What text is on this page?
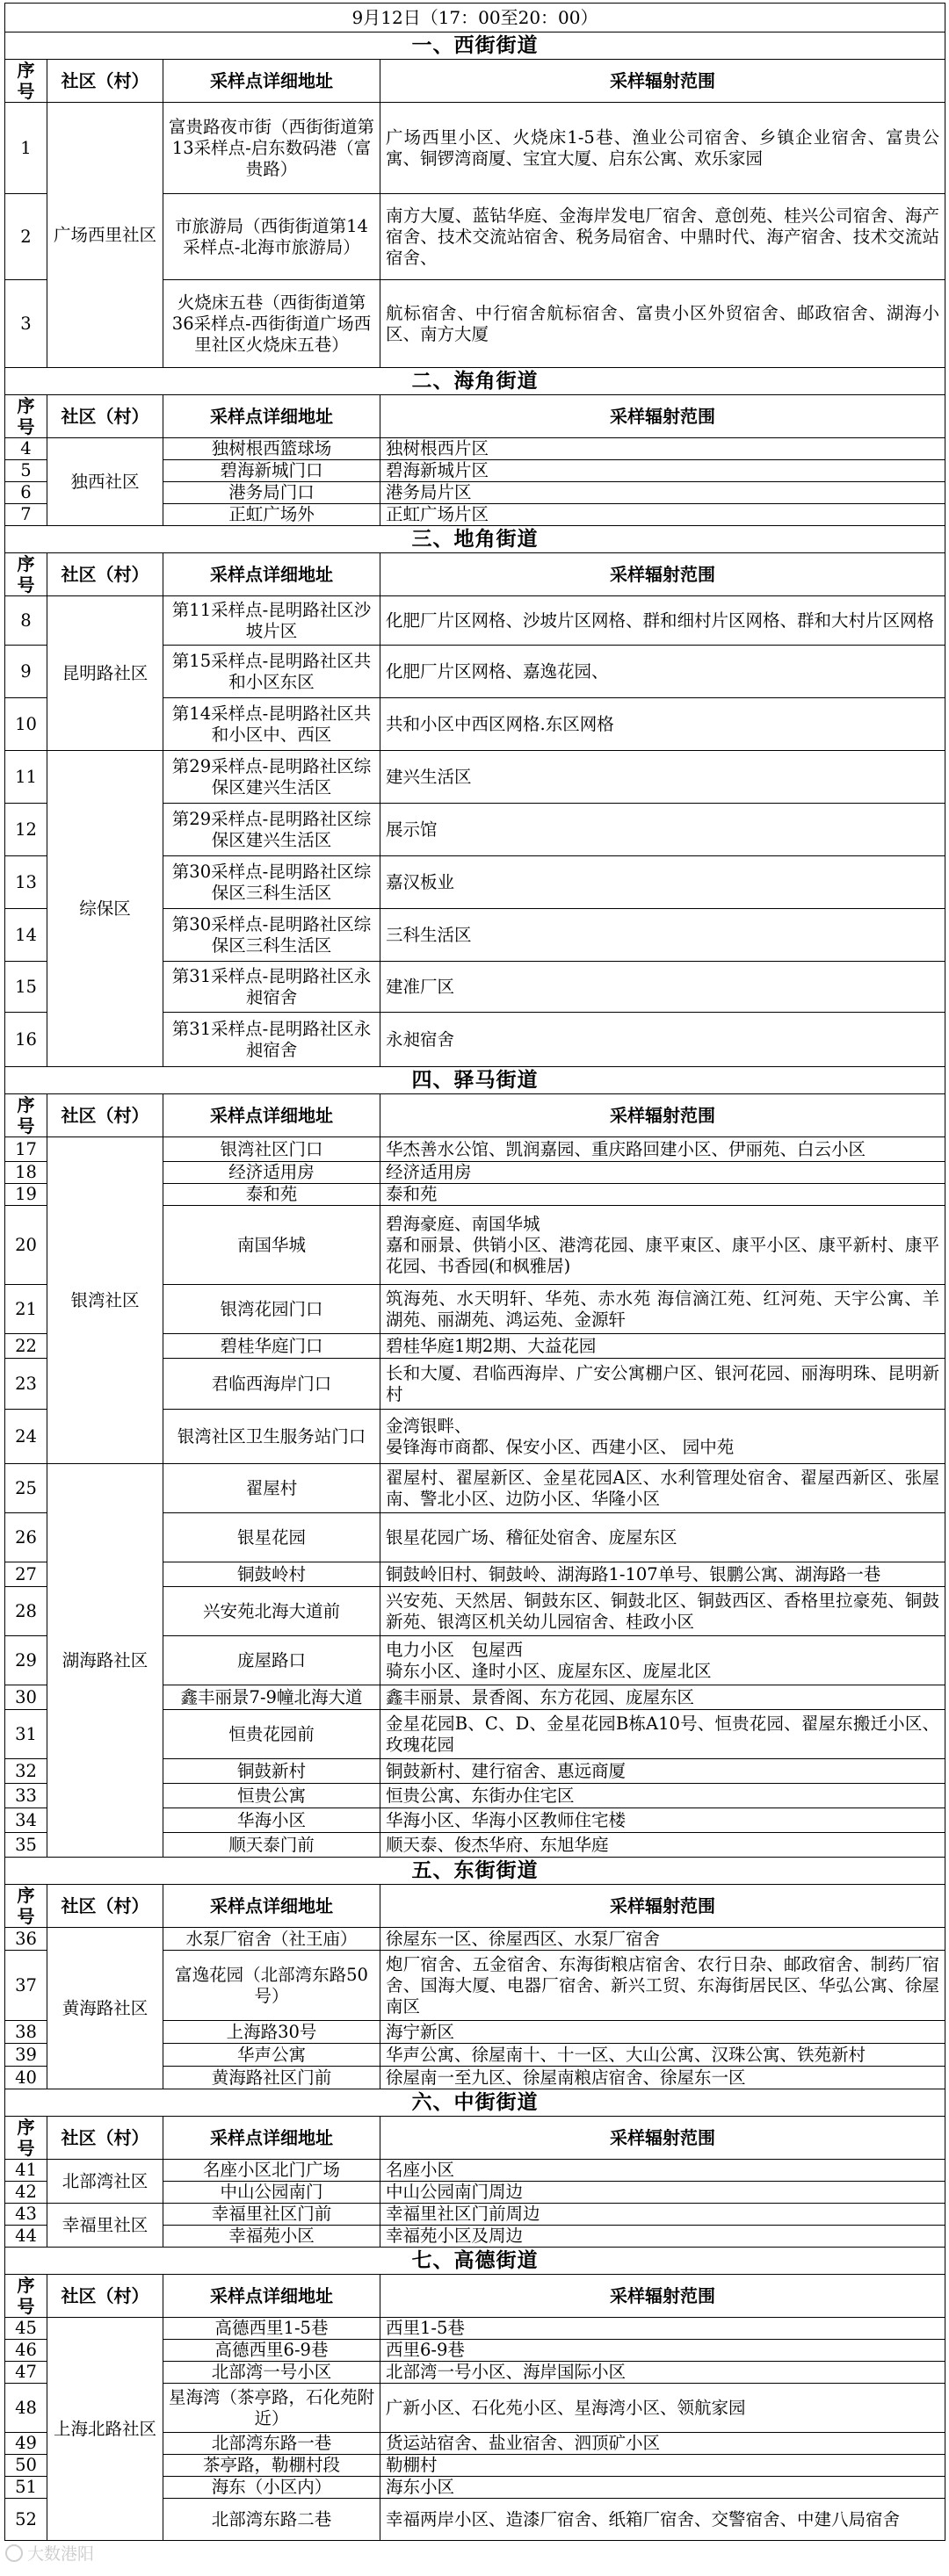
9月12日（17：00至20：00）			
一、西街街道			
序号	社区（村）	采样点详细地址	采样辐射范围
1	广场西里社区	富贵路夜市街（西街街道第13采样点-启东数码港（富贵路）	广场西里小区、火烧床1-5巷、渔业公司宿舍、乡镇企业宿舍、富贵公寓、铜锣湾商厦、宝宜大厦、启东公寓、欢乐家园
2		市旅游局（西街街道第14采样点-北海市旅游局）	南方大厦、蓝钻华庭、金海岸发电厂宿舍、意创苑、桂兴公司宿舍、海产宿舍、技术交流站宿舍、税务局宿舍、中鼎时代、海产宿舍、技术交流站宿舍、
3		火烧床五巷（西街街道第36采样点-西街街道广场西里社区火烧床五巷）	航标宿舍、中行宿舍航标宿舍、富贵小区外贸宿舍、邮政宿舍、湖海小区、南方大厦
二、海角街道			
序号	社区（村）	采样点详细地址	采样辐射范围
4	独西社区	独树根西篮球场	独树根西片区
5		碧海新城门口	碧海新城片区
6		港务局门口	港务局片区
7		正虹广场外	正虹广场片区
三、地角街道			
序号	社区（村）	采样点详细地址	采样辐射范围
8	昆明路社区	第11采样点-昆明路社区沙坡片区	化肥厂片区网格、沙坡片区网格、群和细村片区网格、群和大村片区网格
9		第15采样点-昆明路社区共和小区东区	化肥厂片区网格、嘉逸花园、
10		第14采样点-昆明路社区共和小区中、西区	共和小区中西区网格.东区网格
11	综保区	第29采样点-昆明路社区综保区建兴生活区	建兴生活区
12		第29采样点-昆明路社区综保区建兴生活区	展示馆
13		第30采样点-昆明路社区综保区三科生活区	嘉汉板业
14		第30采样点-昆明路社区综保区三科生活区	三科生活区
15		第31采样点-昆明路社区永昶宿舍	建准厂区
16		第31采样点-昆明路社区永昶宿舍	永昶宿舍
四、驿马街道			
序号	社区（村）	采样点详细地址	采样辐射范围
17	银湾社区	银湾社区门口	华杰善水公馆、凯润嘉园、重庆路回建小区、伊丽苑、白云小区
18		经济适用房	经济适用房
19		泰和苑	泰和苑
20		南国华城	碧海豪庭、南国华城
嘉和丽景、供销小区、港湾花园、康平東区、康平小区、康平新村、康平花园、书香园(和枫雅居)
21		银湾花园门口	筑海苑、水天明轩、华苑、赤水苑 海信滴江苑、红河苑、天宇公寓、羊湖苑、丽湖苑、鸿运苑、金源轩
22		碧桂华庭门口	碧桂华庭1期2期、大益花园
23		君临西海岸门口	长和大厦、君临西海岸、广安公寓棚户区、银河花园、丽海明珠、昆明新村
24		银湾社区卫生服务站门口	金湾银畔、
晏锋海市商都、保安小区、西建小区、 园中苑
25	湖海路社区	翟屋村	翟屋村、翟屋新区、金星花园A区、水利管理处宿舍、翟屋西新区、张屋南、警北小区、边防小区、华隆小区
26		银星花园	银星花园广场、稽征处宿舍、庞屋东区
27		铜鼓岭村	铜鼓岭旧村、铜鼓岭、湖海路1-107单号、银鹏公寓、湖海路一巷
28		兴安苑北海大道前	兴安苑、天然居、铜鼓东区、铜鼓北区、铜鼓西区、香格里拉豪苑、铜鼓新苑、银湾区机关幼儿园宿舍、桂政小区
29		庞屋路口	电力小区　包屋西
骑东小区、逢时小区、庞屋东区、庞屋北区
30		鑫丰丽景7-9幢北海大道	鑫丰丽景、景香阁、东方花园、庞屋东区
31		恒贵花园前	金星花园B、C、D、金星花园B栋A10号、恒贵花园、翟屋东搬迁小区、玫瑰花园
32		铜鼓新村	铜鼓新村、建行宿舍、惠远商厦
33		恒贵公寓	恒贵公寓、东街办住宅区
34		华海小区	华海小区、华海小区教师住宅楼
35		顺天泰门前	顺天泰、俊杰华府、东旭华庭
五、东街街道			
序号	社区（村）	采样点详细地址	采样辐射范围
36	黄海路社区	水泵厂宿舍（社王庙）	徐屋东一区、徐屋西区、水泵厂宿舍
37		富逸花园（北部湾东路50号）	炮厂宿舍、五金宿舍、东海街粮店宿舍、农行日杂、邮政宿舍、制药厂宿舍、国海大厦、电器厂宿舍、新兴工贸、东海街居民区、华弘公寓、徐屋南区
38		上海路30号	海宁新区
39		华声公寓	华声公寓、徐屋南十、十一区、大山公寓、汉珠公寓、铁苑新村
40		黄海路社区门前	徐屋南一至九区、徐屋南粮店宿舍、徐屋东一区
六、中街街道			
序号	社区（村）	采样点详细地址	采样辐射范围
41	北部湾社区	名座小区北门广场	名座小区
42		中山公园南门	中山公园南门周边
43	幸福里社区	幸福里社区门前	幸福里社区门前周边
44		幸福苑小区	幸福苑小区及周边
七、高德街道			
序号	社区（村）	采样点详细地址	采样辐射范围
45	上海北路社区	高德西里1-5巷	西里1-5巷
46		高德西里6-9巷	西里6-9巷
47		北部湾一号小区	北部湾一号小区、海岸国际小区
48		星海湾（茶亭路，石化苑附近）	广新小区、石化苑小区、星海湾小区、领航家园
49		北部湾东路一巷	货运站宿舍、盐业宿舍、泗顶矿小区
50		茶亭路，勒棚村段	勒棚村
51		海东（小区内）	海东小区
52		北部湾东路二巷	幸福两岸小区、造漆厂宿舍、纸箱厂宿舍、交警宿舍、中建八局宿舍
大数港阳
